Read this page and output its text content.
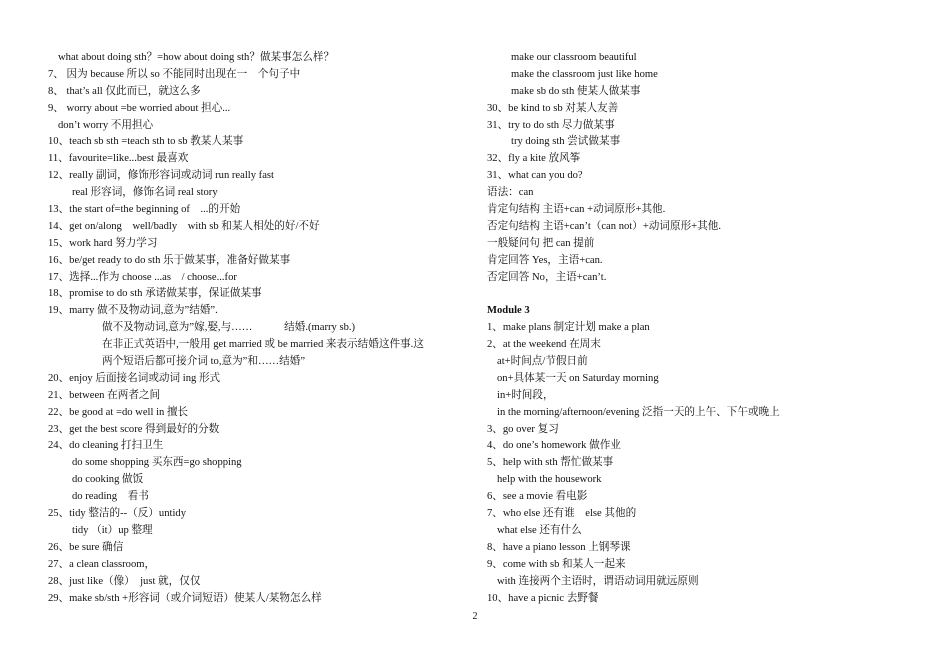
what about doing sth？=how about doing sth？做某事怎么样？
7、 因为 because 所以 so 不能同时出现在一　个句子中
8、 that’s all 仅此而已，就这么多
9、 worry about =be worried about 担心...
don’t worry 不用担心
10、teach sb sth =teach sth to sb 教某人某事
11、favourite=like...best 最喜欢
12、really 副词，修饰形容词或动词 run really fast
real 形容词，修饰名词 real story
13、the start of=the beginning of　...的开始
14、get on/along　well/badly　with sb 和某人相处的好/不好
15、work hard 努力学习
16、be/get ready to do sth 乐于做某事，准备好做某事
17、选择...作为 choose ...as　/ choose...for
18、promise to do sth 承诺做某事，保证做某事
19、marry 做不及物动词,意为”结婚”.
做不及物动词,意为”嫁,娶,与……　　　结婚.(marry sb.)
在非正式英语中,一般用 get married 或 be married 来表示结婚这件事.这
两个短语后都可接介词 to,意为”和……结婚”
20、enjoy 后面接名词或动词 ing 形式
21、between 在两者之间
22、be good at =do well in 擅长
23、get the best score 得到最好的分数
24、do cleaning 打扫卫生
do some shopping 买东西=go shopping
do cooking 做饭
do reading　看书
25、tidy 整洁的--（反）untidy
tidy （it）up 整理
26、be sure 确信
27、a clean classroom，
28、just like（像）　just 就，仅仅
29、make sb/sth +形容词（或介词短语）使某人/某物怎么样
make our classroom beautiful
make the classroom just like home
make sb do sth 使某人做某事
30、be kind to sb 对某人友善
31、try to do sth 尽力做某事
try doing sth 尝试做某事
32、fly a kite 放风筝
31、what can you do?
语法：can
肯定句结构 主语+can +动词原形+其他.
否定句结构 主语+can’t（can not）+动词原形+其他.
一般疑问句 把 can 提前
肯定回答 Yes，主语+can.
否定回答 No，主语+can’t.
Module 3
1、make plans 制定计划 make a plan
2、at the weekend 在周末
at+时间点/节假日前
on+具体某一天 on Saturday morning
in+时间段，
in the morning/afternoon/evening 泛指一天的上午、下午或晚上
3、go over 复习
4、do one’s homework 做作业
5、help with sth 帮忙做某事
help with the housework
6、see a movie 看电影
7、who else 还有谁　else 其他的
what else 还有什么
8、have a piano lesson 上钢琴课
9、come with sb 和某人一起来
with 连接两个主语时，谓语动词用就远原则
10、have a picnic 去野餐
2
